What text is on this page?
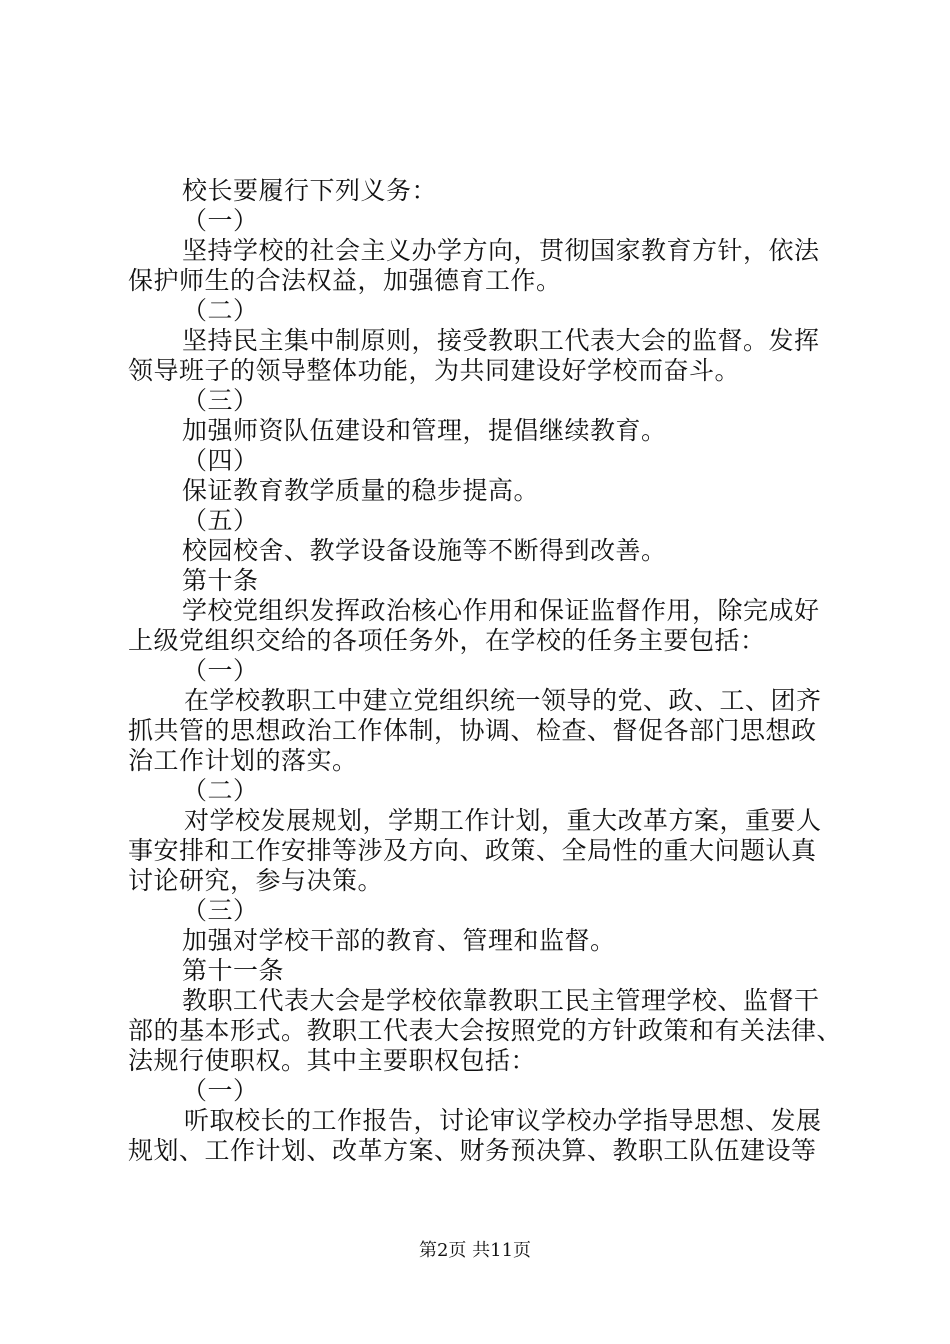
校长要履行下列义务：
（一）
坚持学校的社会主义办学方向，贯彻国家教育方针，依法
保护师生的合法权益，加强德育工作。
（二）
坚持民主集中制原则，接受教职工代表大会的监督。发挥
领导班子的领导整体功能，为共同建设好学校而奋斗。
（三）
加强师资队伍建设和管理，提倡继续教育。
（四）
保证教育教学质量的稳步提高。
（五）
校园校舍、教学设备设施等不断得到改善。
第十条
学校党组织发挥政治核心作用和保证监督作用，除完成好
上级党组织交给的各项任务外，在学校的任务主要包括：
（一）
在学校教职工中建立党组织统一领导的党、政、工、团齐
抓共管的思想政治工作体制，协调、检查、督促各部门思想政
治工作计划的落实。
（二）
对学校发展规划，学期工作计划，重大改革方案，重要人
事安排和工作安排等涉及方向、政策、全局性的重大问题认真
讨论研究，参与决策。
（三）
加强对学校干部的教育、管理和监督。
第十一条
教职工代表大会是学校依靠教职工民主管理学校、监督干
部的基本形式。教职工代表大会按照党的方针政策和有关法律、
法规行使职权。其中主要职权包括：
（一）
听取校长的工作报告，讨论审议学校办学指导思想、发展
规划、工作计划、改革方案、财务预决算、教职工队伍建设等
第2页 共11页
